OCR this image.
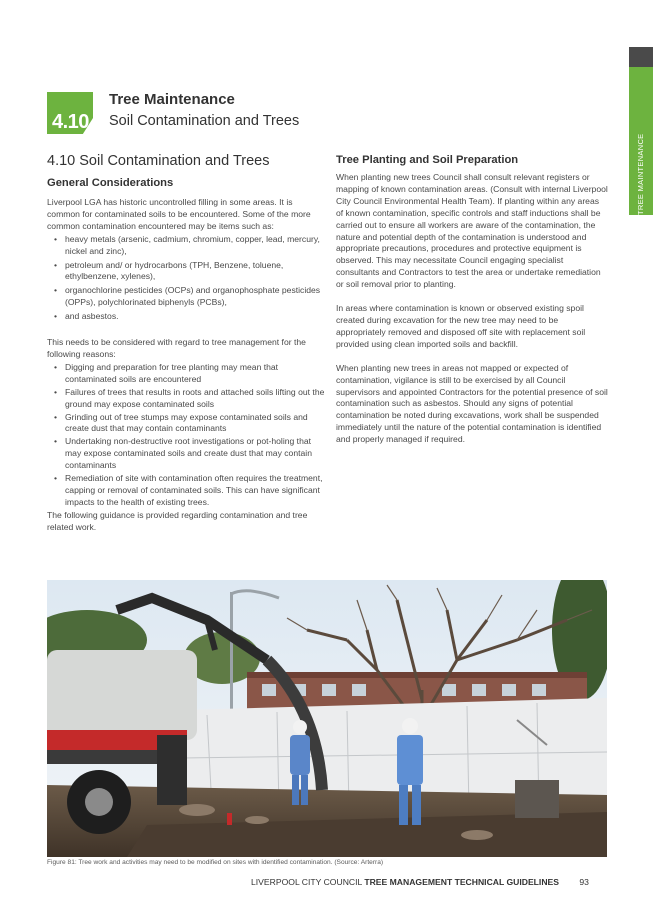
TREE MAINTENANCE
4.10
Tree Maintenance
Soil Contamination and Trees
4.10 Soil Contamination and Trees
General Considerations

Liverpool LGA has historic uncontrolled filling in some areas. It is common for contaminated soils to be encountered. Some of the more common contamination encountered may be items such as:

• heavy metals (arsenic, cadmium, chromium, copper, lead, mercury, nickel and zinc),
• petroleum and/ or hydrocarbons (TPH, Benzene, toluene, ethylbenzene, xylenes),
• organochlorine pesticides (OCPs) and organophosphate pesticides (OPPs), polychlorinated biphenyls (PCBs),
• and asbestos.

This needs to be considered with regard to tree management for the following reasons:

• Digging and preparation for tree planting may mean that contaminated soils are encountered
• Failures of trees that results in roots and attached soils lifting out the ground may expose contaminated soils
• Grinding out of tree stumps may expose contaminated soils and create dust that may contain contaminants
• Undertaking non-destructive root investigations or pot-holing that may expose contaminated soils and create dust that may contain contaminants
• Remediation of site with contamination often requires the treatment, capping or removal of contaminated soils. This can have significant impacts to the health of existing trees.

The following guidance is provided regarding contamination and tree related work.

Tree Planting and Soil Preparation

When planting new trees Council shall consult relevant registers or mapping of known contamination areas. (Consult with internal Liverpool City Council Environmental Health Team). If planting within any areas of known contamination, specific controls and staff inductions shall be carried out to ensure all workers are aware of the contamination, the nature and potential depth of the contamination is understood and appropriate precautions, procedures and protective equipment is observed. This may necessitate Council engaging specialist consultants and Contractors to test the area or undertake remediation or soil removal prior to planting.

In areas where contamination is known or observed existing spoil created during excavation for the new tree may need to be appropriately removed and disposed off site with replacement soil provided using clean imported soils and backfill.

When planting new trees in areas not mapped or expected of contamination, vigilance is still to be exercised by all Council supervisors and appointed Contractors for the potential presence of soil contamination such as asbestos. Should any signs of potential contamination be noted during excavations, work shall be suspended immediately until the nature of the potential contamination is identified and properly managed if required.

Figure 81: Tree work and activities may need to be modified on sites with identified contamination. (Source: Arterra)
LIVERPOOL CITY COUNCIL TREE MANAGEMENT TECHNICAL GUIDELINES 93
